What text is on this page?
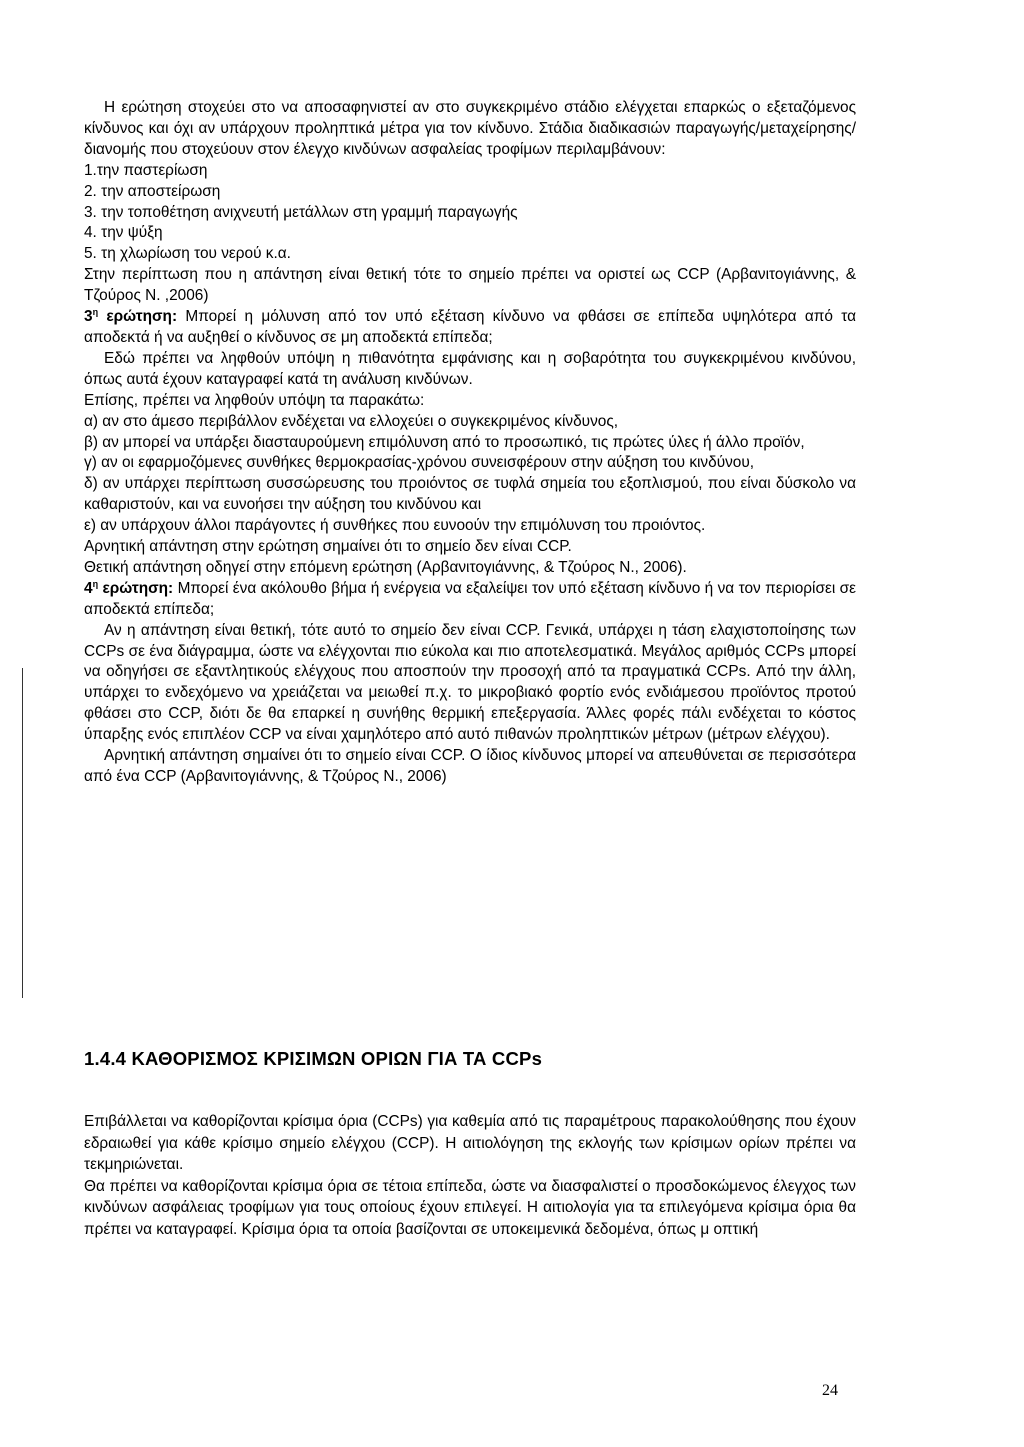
Η ερώτηση στοχεύει στο να αποσαφηνιστεί αν στο συγκεκριμένο στάδιο ελέγχεται επαρκώς ο εξεταζόμενος κίνδυνος και όχι αν υπάρχουν προληπτικά μέτρα για τον κίνδυνο. Στάδια διαδικασιών παραγωγής/μεταχείρησης/διανομής που στοχεύουν στον έλεγχο κινδύνων ασφαλείας τροφίμων περιλαμβάνουν:

1.την παστερίωση

2. την αποστείρωση

3. την τοποθέτηση ανιχνευτή μετάλλων στη γραμμή παραγωγής

4. την ψύξη

5. τη χλωρίωση του νερού κ.α.

Στην περίπτωση που η απάντηση είναι θετική τότε το σημείο πρέπει να οριστεί ως CCP (Αρβανιτογιάννης, & Τζούρος Ν. ,2006)

$3^\eta$ ερώτηση: Μπορεί η μόλυνση από τον υπό εξέταση κίνδυνο να φθάσει σε επίπεδα υψηλότερα από τα αποδεκτά ή να αυξηθεί ο κίνδυνος σε μη αποδεκτά επίπεδα;

Εδώ πρέπει να ληφθούν υπόψη η πιθανότητα εμφάνισης και η σοβαρότητα του συγκεκριμένου κινδύνου, όπως αυτά έχουν καταγραφεί κατά τη ανάλυση κινδύνων.

Επίσης, πρέπει να ληφθούν υπόψη τα παρακάτω:

α) αν στο άμεσο περιβάλλον ενδέχεται να ελλοχεύει ο συγκεκριμένος κίνδυνος,

β) αν μπορεί να υπάρξει διασταυρούμενη επιμόλυνση από το προσωπικό, τις πρώτες ύλες ή άλλο προϊόν,

γ) αν οι εφαρμοζόμενες συνθήκες θερμοκρασίας-χρόνου συνεισφέρουν στην αύξηση του κινδύνου,

δ) αν υπάρχει περίπτωση συσσώρευσης του προιόντος σε τυφλά σημεία του εξοπλισμού, που είναι δύσκολο να καθαριστούν, και να ευνοήσει την αύξηση του κινδύνου και

ε) αν υπάρχουν άλλοι παράγοντες ή συνθήκες που ευνοούν την επιμόλυνση του προιόντος.

Αρνητική απάντηση στην ερώτηση σημαίνει ότι το σημείο δεν είναι CCP.

Θετική απάντηση οδηγεί στην επόμενη ερώτηση (Αρβανιτογιάννης, & Τζούρος Ν., 2006).

$4^\eta$ ερώτηση: Μπορεί ένα ακόλουθο βήμα ή ενέργεια να εξαλείψει τον υπό εξέταση κίνδυνο ή να τον περιορίσει σε αποδεκτά επίπεδα;

Αν η απάντηση είναι θετική, τότε αυτό το σημείο δεν είναι CCP. Γενικά, υπάρχει η τάση ελαχιστοποίησης των CCPs σε ένα διάγραμμα, ώστε να ελέγχονται πιο εύκολα και πιο αποτελεσματικά. Μεγάλος αριθμός CCPs μπορεί να οδηγήσει σε εξαντλητικούς ελέγχους που αποσπούν την προσοχή από τα πραγματικά CCPs. Από την άλλη, υπάρχει το ενδεχόμενο να χρειάζεται να μειωθεί π.χ. το μικροβιακό φορτίο ενός ενδιάμεσου προϊόντος προτού φθάσει στο CCP, διότι δε θα επαρκεί η συνήθης θερμική επεξεργασία. Άλλες φορές πάλι ενδέχεται το κόστος ύπαρξης ενός επιπλέον CCP να είναι χαμηλότερο από αυτό πιθανών προληπτικών μέτρων (μέτρων ελέγχου).

Αρνητική απάντηση σημαίνει ότι το σημείο είναι CCP. Ο ίδιος κίνδυνος μπορεί να απευθύνεται σε περισσότερα από ένα CCP (Αρβανιτογιάννης, & Τζούρος Ν., 2006)

1.4.4 ΚΑΘΟΡΙΣΜΟΣ ΚΡΙΣΙΜΩΝ ΟΡΙΩΝ ΓΙΑ ΤΑ CCPs

Επιβάλλεται να καθορίζονται κρίσιμα όρια (CCPs) για καθεμία από τις παραμέτρους παρακολούθησης που έχουν εδραιωθεί για κάθε κρίσιμο σημείο ελέγχου (CCP). Η αιτιολόγηση της εκλογής των κρίσιμων ορίων πρέπει να τεκμηριώνεται.

Θα πρέπει να καθορίζονται κρίσιμα όρια σε τέτοια επίπεδα, ώστε να διασφαλιστεί ο προσδοκώμενος έλεγχος των κινδύνων ασφάλειας τροφίμων για τους οποίους έχουν επιλεγεί. Η αιτιολογία για τα επιλεγόμενα κρίσιμα όρια θα πρέπει να καταγραφεί. Κρίσιμα όρια τα οποία βασίζονται σε υποκειμενικά δεδομένα, όπως μ οπτική

24
